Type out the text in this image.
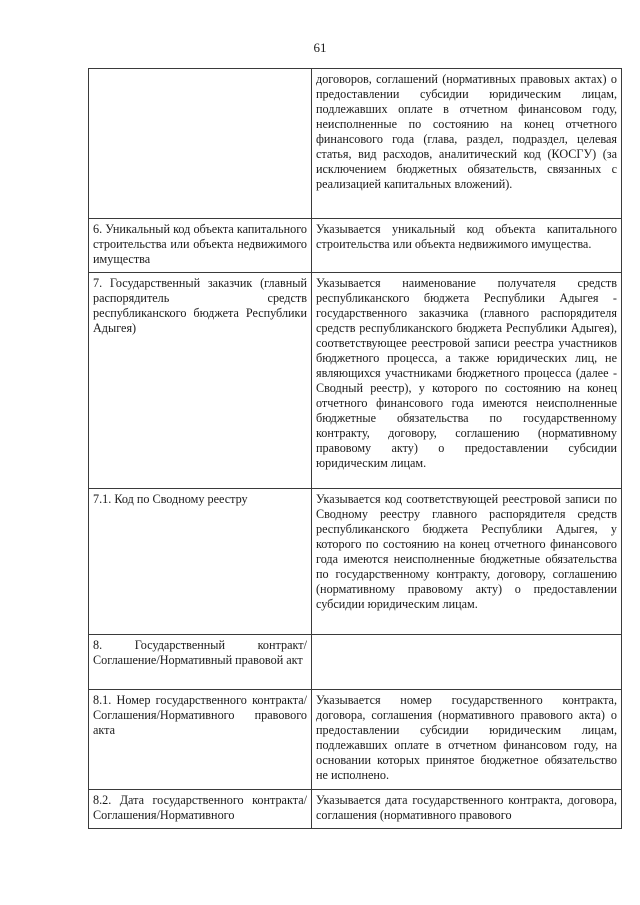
61
	договоров, соглашений (нормативных правовых актах) о предоставлении субсидии юридическим лицам, подлежавших оплате в отчетном финансовом году, неисполненные по состоянию на конец отчетного финансового года (глава, раздел, подраздел, целевая статья, вид расходов, аналитический код (КОСГУ) (за исключением бюджетных обязательств, связанных с реализацией капитальных вложений).
6. Уникальный код объекта капитального строительства или объекта недвижимого имущества	Указывается уникальный код объекта капитального строительства или объекта недвижимого имущества.
7. Государственный заказчик (главный распорядитель средств республиканского бюджета Республики Адыгея)	Указывается наименование получателя средств республиканского бюджета Республики Адыгея - государственного заказчика (главного распорядителя средств республиканского бюджета Республики Адыгея), соответствующее реестровой записи реестра участников бюджетного процесса, а также юридических лиц, не являющихся участниками бюджетного процесса (далее - Сводный реестр), у которого по состоянию на конец отчетного финансового года имеются неисполненные бюджетные обязательства по государственному контракту, договору, соглашению (нормативному правовому акту) о предоставлении субсидии юридическим лицам.
7.1. Код по Сводному реестру	Указывается код соответствующей реестровой записи по Сводному реестру главного распорядителя средств республиканского бюджета Республики Адыгея, у которого по состоянию на конец отчетного финансового года имеются неисполненные бюджетные обязательства по государственному контракту, договору, соглашению (нормативному правовому акту) о предоставлении субсидии юридическим лицам.
8. Государственный контракт/Соглашение/Нормативный правовой акт	
8.1. Номер государственного контракта/Соглашения/Нормативного правового акта	Указывается номер государственного контракта, договора, соглашения (нормативного правового акта) о предоставлении субсидии юридическим лицам, подлежавших оплате в отчетном финансовом году, на основании которых принятое бюджетное обязательство не исполнено.
8.2. Дата государственного контракта/Соглашения/Нормативного	Указывается дата государственного контракта, договора, соглашения (нормативного правового
